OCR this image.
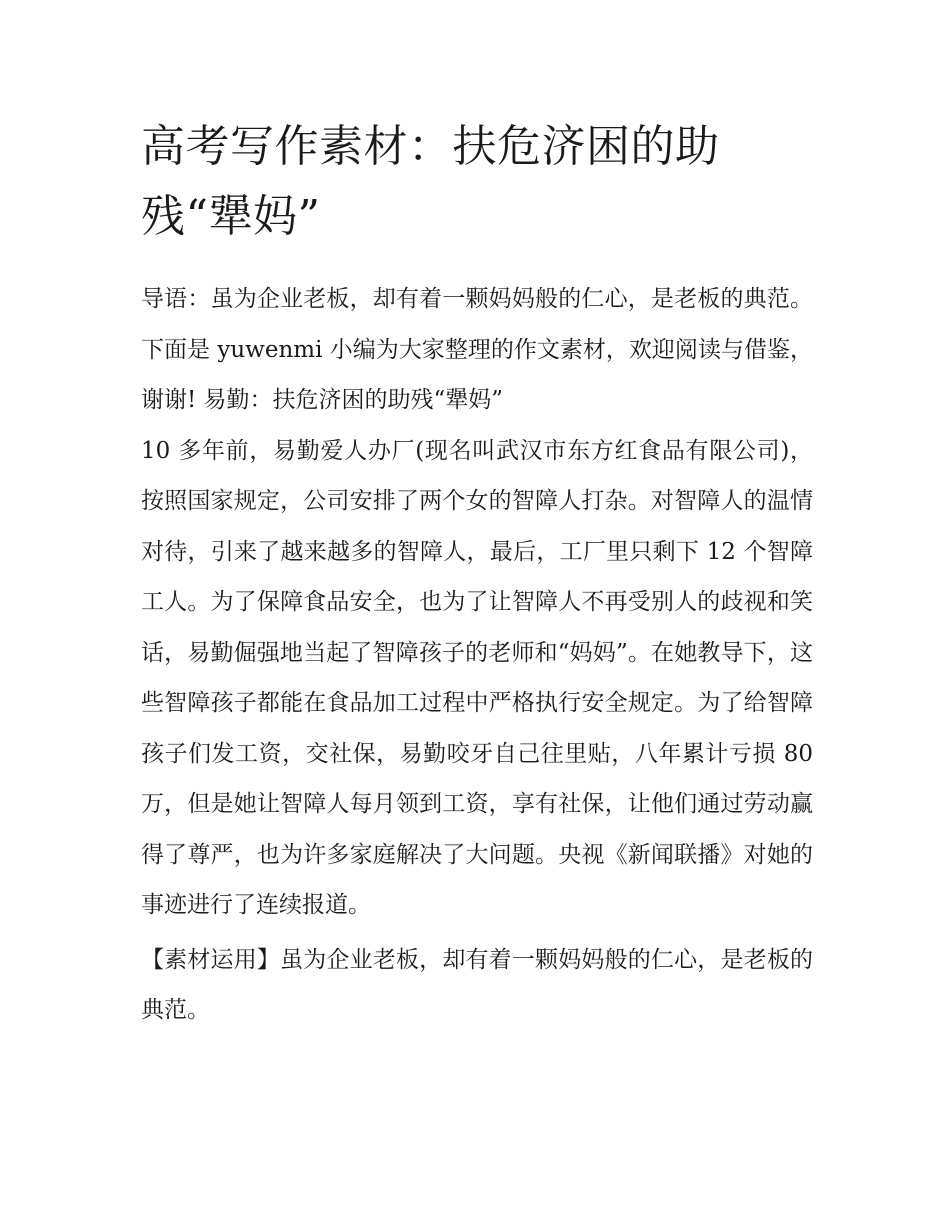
高考写作素材：扶危济困的助残“犟妈”

导语：虽为企业老板，却有着一颗妈妈般的仁心，是老板的典范。下面是 yuwenmi 小编为大家整理的作文素材，欢迎阅读与借鉴，谢谢! 易勤：扶危济困的助残“犟妈”

10 多年前，易勤爱人办厂(现名叫武汉市东方红食品有限公司)，按照国家规定，公司安排了两个女的智障人打杂。对智障人的温情对待，引来了越来越多的智障人，最后，工厂里只剩下 12 个智障工人。为了保障食品安全，也为了让智障人不再受别人的歧视和笑话，易勤倔强地当起了智障孩子的老师和“妈妈”。在她教导下，这些智障孩子都能在食品加工过程中严格执行安全规定。为了给智障孩子们发工资，交社保，易勤咬牙自己往里贴，八年累计亏损 80 万，但是她让智障人每月领到工资，享有社保，让他们通过劳动赢得了尊严，也为许多家庭解决了大问题。央视《新闻联播》对她的事迹进行了连续报道。

【素材运用】虽为企业老板，却有着一颗妈妈般的仁心，是老板的典范。
